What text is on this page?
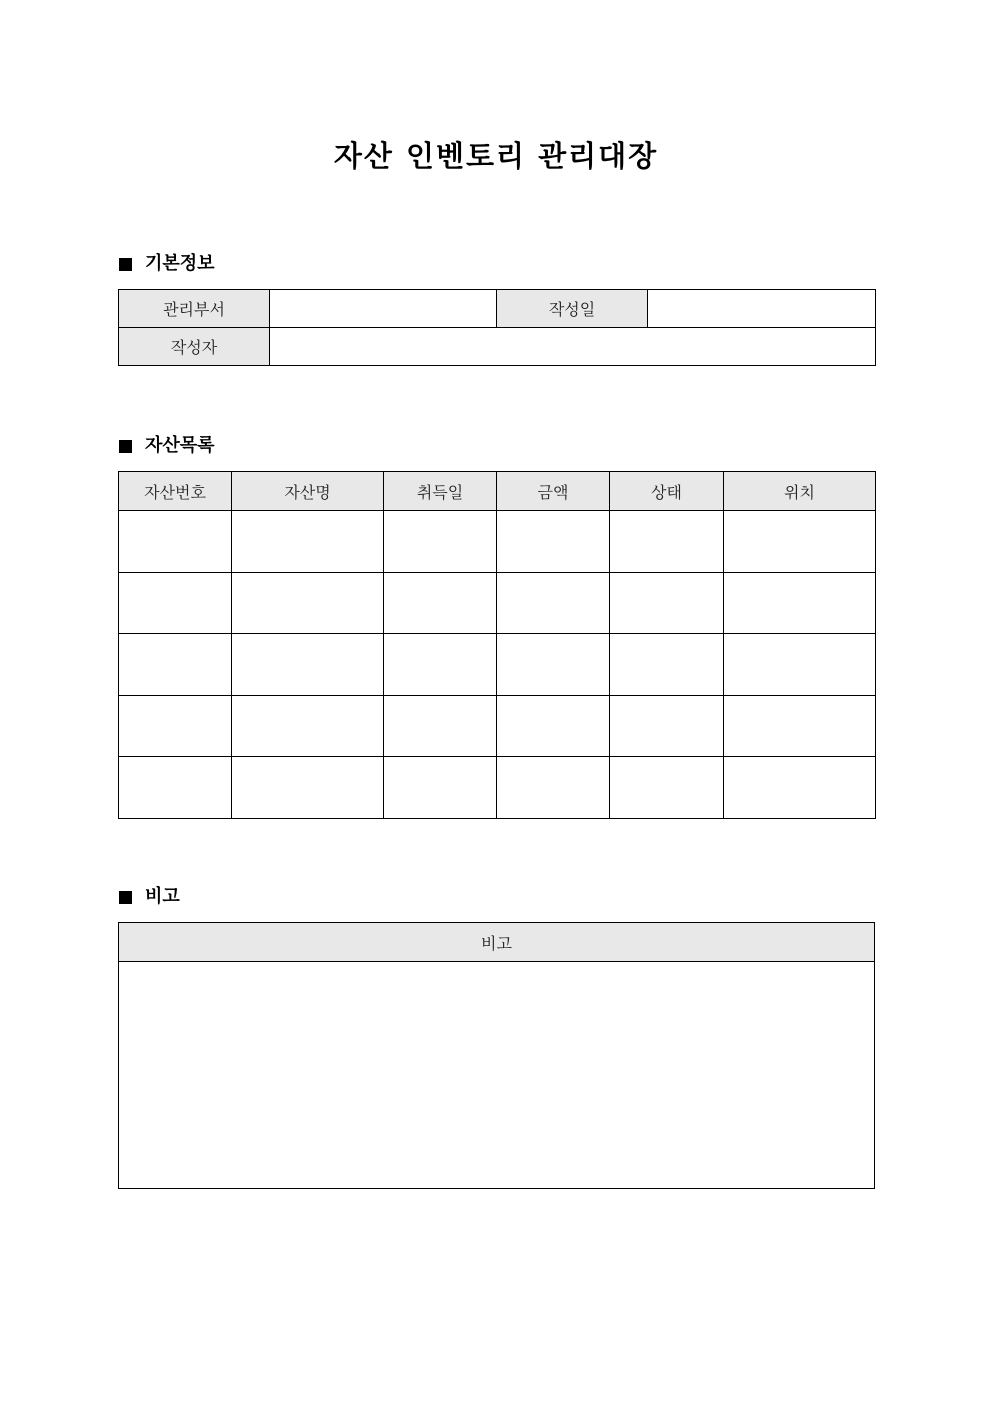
자산 인벤토리 관리대장
기본정보
관리부서		작성일	
작성자			
자산목록
자산번호	자산명	취득일	금액	상태	위치

비고
비고
